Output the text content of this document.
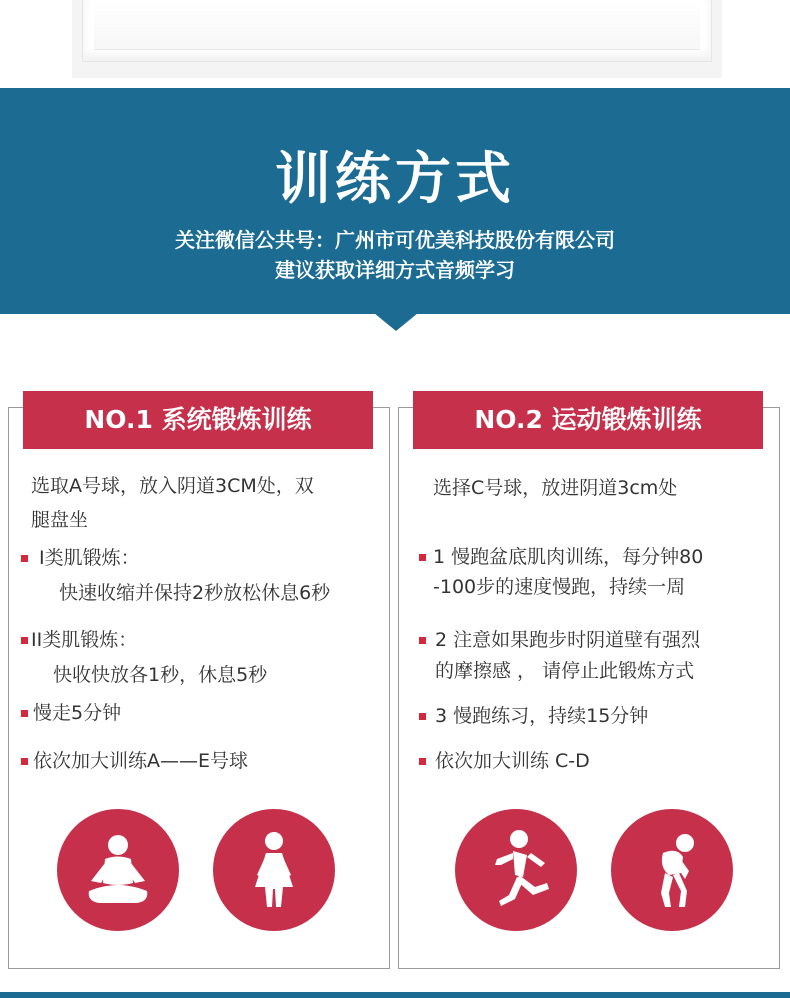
训练方式
关注微信公共号：广州市可优美科技股份有限公司
建议获取详细方式音频学习
NO.1 系统锻炼训练
选取A号球，放入阴道3CM处，双
腿盘坐
Ⅰ类肌锻炼：
快速收缩并保持2秒放松休息6秒
II类肌锻炼：
快收快放各1秒，休息5秒
慢走5分钟
依次加大训练A——E号球
NO.2 运动锻炼训练
选择C号球，放进阴道3cm处
1 慢跑盆底肌肉训练，每分钟80
-100步的速度慢跑，持续一周
2 注意如果跑步时阴道壁有强烈
的摩擦感 ， 请停止此锻炼方式
3 慢跑练习，持续15分钟
依次加大训练 C-D
